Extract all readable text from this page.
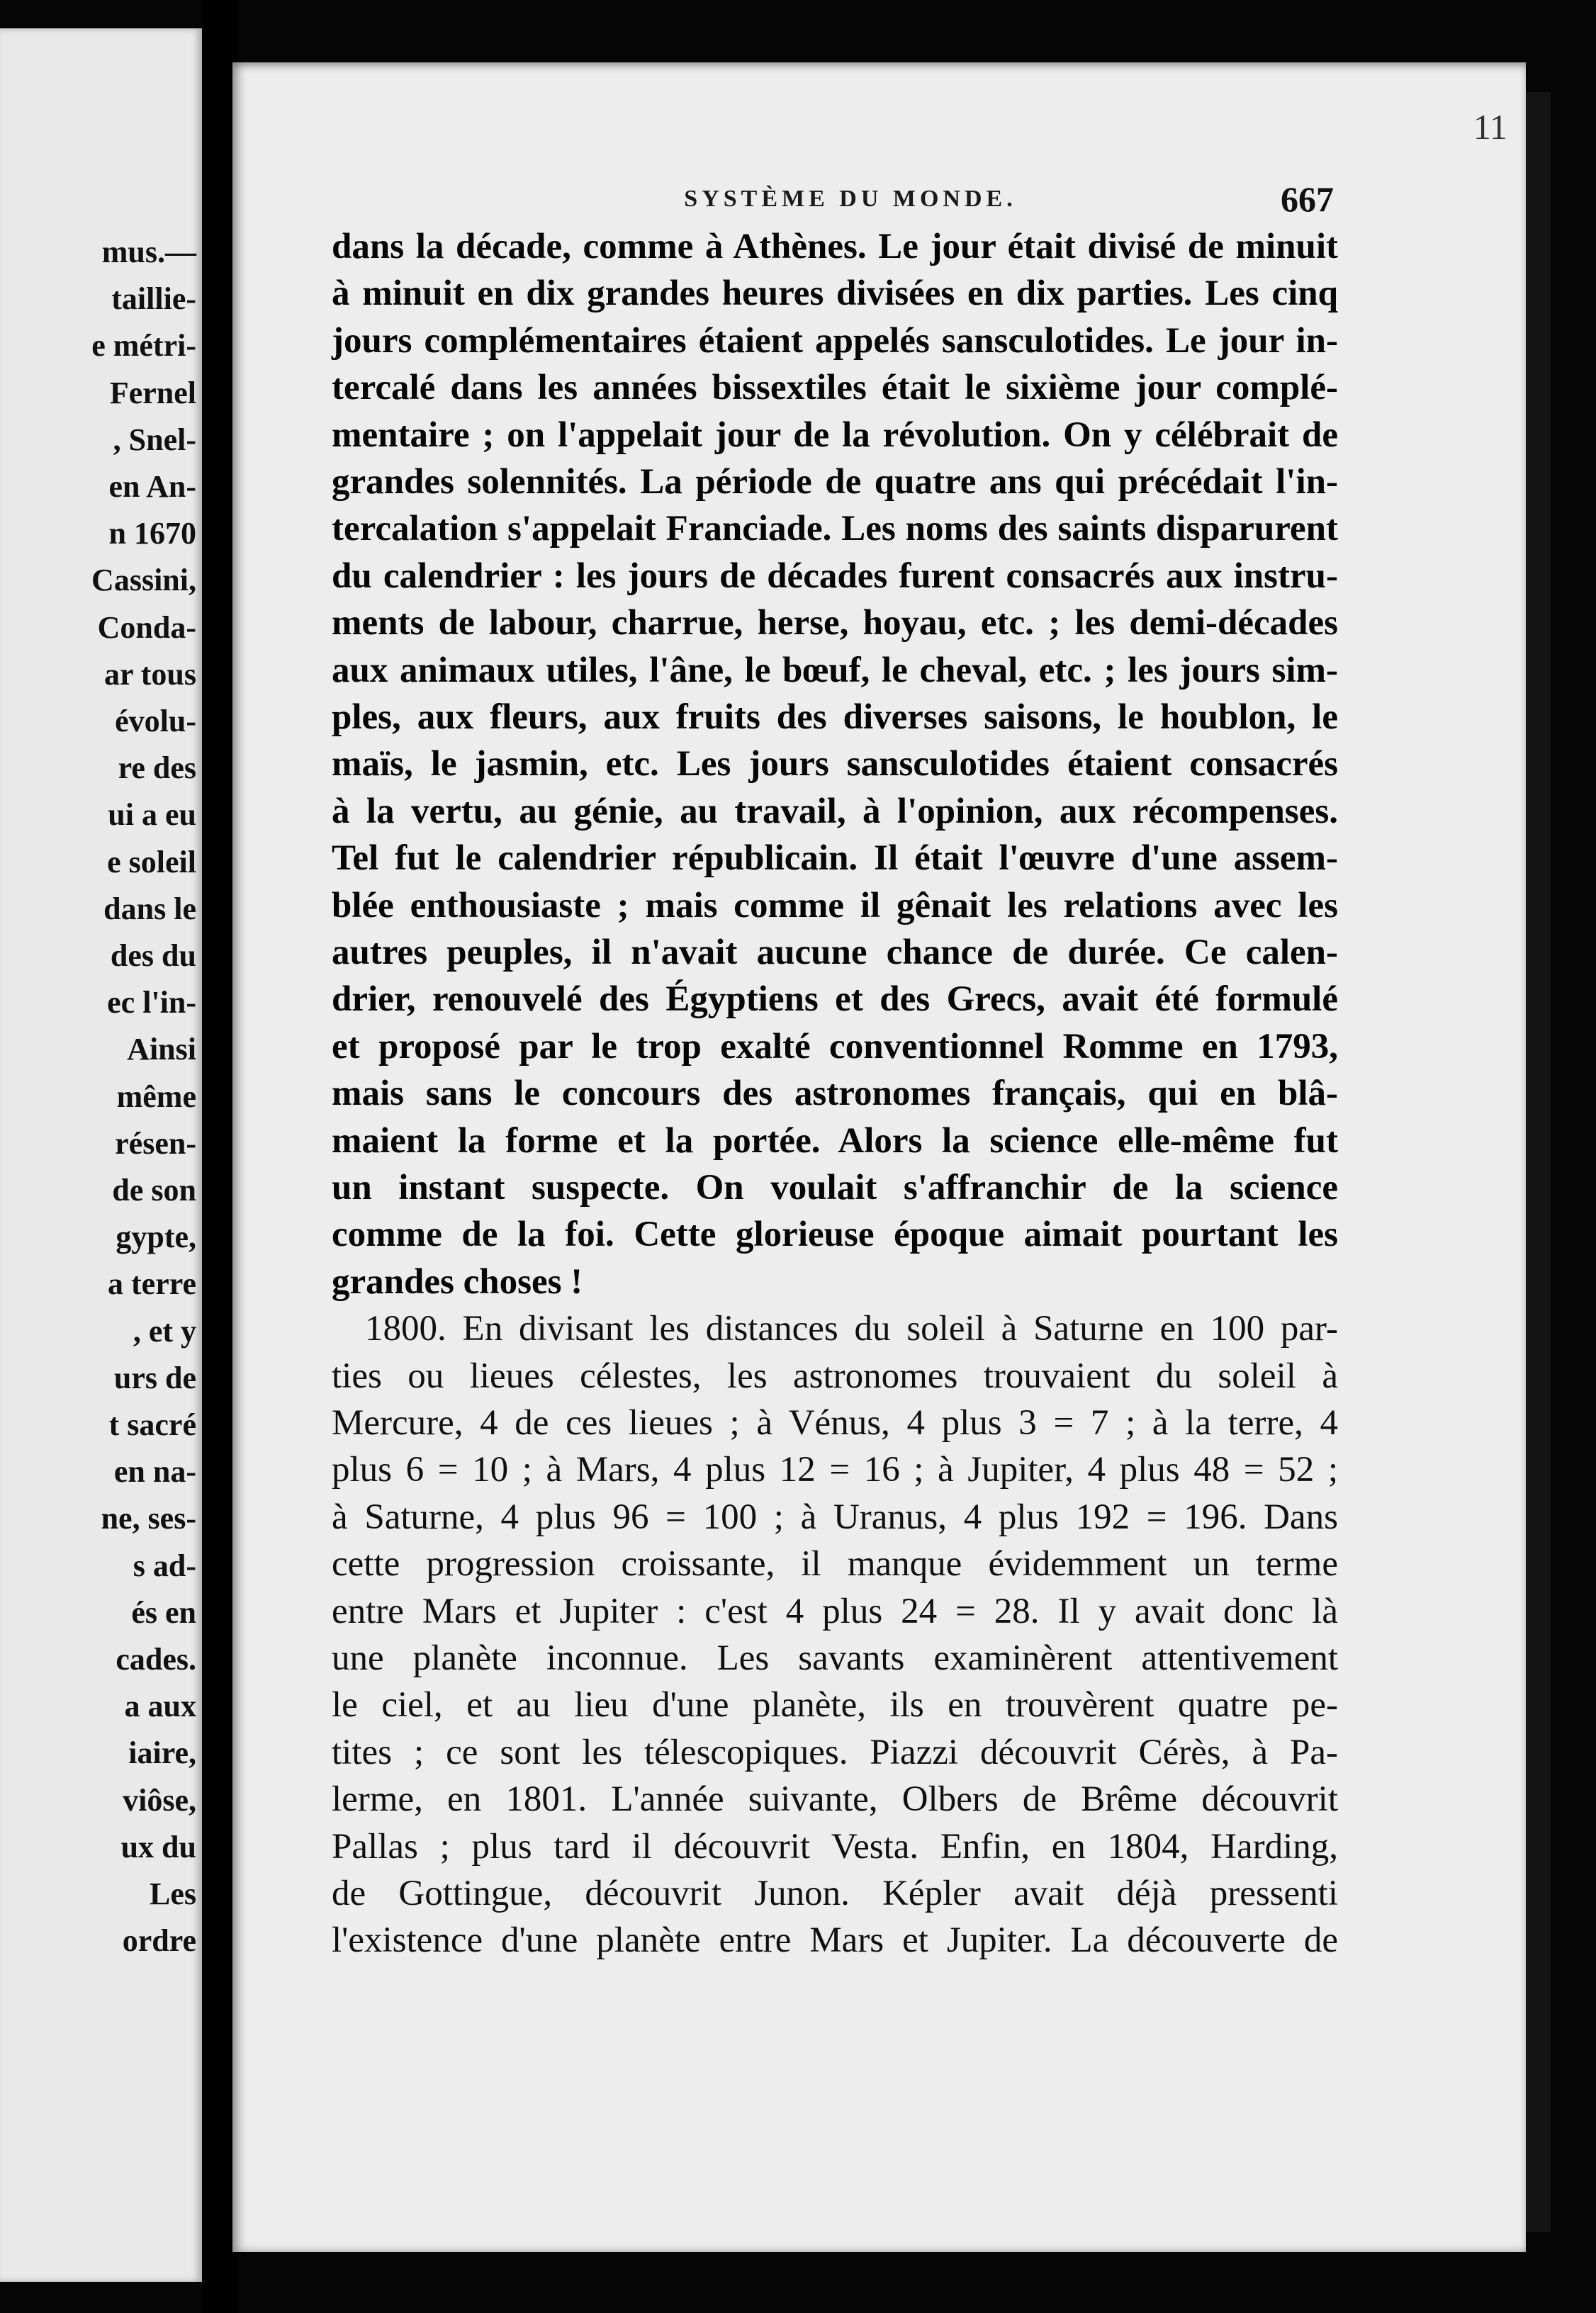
mus.—
taillie-
e métri-
Fernel
, Snel-
en An-
n 1670
Cassini,
Conda-
ar tous
évolu-
re des
ui a eu
e soleil
dans le
des du
ec l'in-
Ainsi
même
résen-
de son
gypte,
a terre
, et y
urs de
t sacré
en na-
ne, ses-
s ad-
és en
cades.
a aux
iaire,
viôse,
ux du
Les
ordre
SYSTÈME DU MONDE.	667
11
dans la décade, comme à Athènes. Le jour était divisé de minuit
à minuit en dix grandes heures divisées en dix parties. Les cinq
jours complémentaires étaient appelés sansculotides. Le jour in-
tercalé dans les années bissextiles était le sixième jour complé-
mentaire ; on l'appelait jour de la révolution. On y célébrait de
grandes solennités. La période de quatre ans qui précédait l'in-
tercalation s'appelait Franciade. Les noms des saints disparurent
du calendrier : les jours de décades furent consacrés aux instru-
ments de labour, charrue, herse, hoyau, etc. ; les demi-décades
aux animaux utiles, l'âne, le bœuf, le cheval, etc. ; les jours sim-
ples, aux fleurs, aux fruits des diverses saisons, le houblon, le
maïs, le jasmin, etc. Les jours sansculotides étaient consacrés
à la vertu, au génie, au travail, à l'opinion, aux récompenses.
Tel fut le calendrier républicain. Il était l'œuvre d'une assem-
blée enthousiaste ; mais comme il gênait les relations avec les
autres peuples, il n'avait aucune chance de durée. Ce calen-
drier, renouvelé des Égyptiens et des Grecs, avait été formulé
et proposé par le trop exalté conventionnel Romme en 1793,
mais sans le concours des astronomes français, qui en blâ-
maient la forme et la portée. Alors la science elle-même fut
un instant suspecte. On voulait s'affranchir de la science
comme de la foi. Cette glorieuse époque aimait pourtant les
grandes choses !
1800. En divisant les distances du soleil à Saturne en 100 par-
ties ou lieues célestes, les astronomes trouvaient du soleil à
Mercure, 4 de ces lieues ; à Vénus, 4 plus 3 = 7 ; à la terre, 4
plus 6 = 10 ; à Mars, 4 plus 12 = 16 ; à Jupiter, 4 plus 48 = 52 ;
à Saturne, 4 plus 96 = 100 ; à Uranus, 4 plus 192 = 196. Dans
cette progression croissante, il manque évidemment un terme
entre Mars et Jupiter : c'est 4 plus 24 = 28. Il y avait donc là
une planète inconnue. Les savants examinèrent attentivement
le ciel, et au lieu d'une planète, ils en trouvèrent quatre pe-
tites ; ce sont les télescopiques. Piazzi découvrit Cérès, à Pa-
lerme, en 1801. L'année suivante, Olbers de Brême découvrit
Pallas ; plus tard il découvrit Vesta. Enfin, en 1804, Harding,
de Gottingue, découvrit Junon. Képler avait déjà pressenti
l'existence d'une planète entre Mars et Jupiter. La découverte de
